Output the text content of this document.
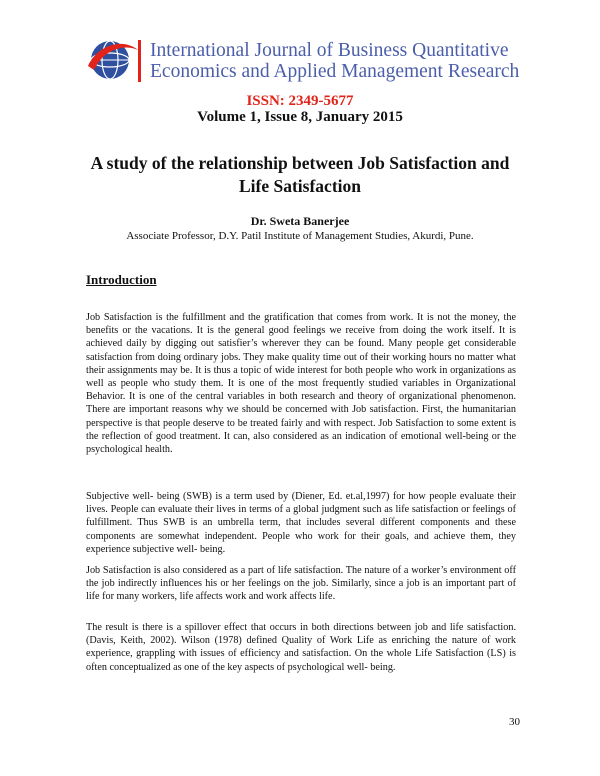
International Journal of Business Quantitative
Economics and Applied Management Research
ISSN: 2349-5677
Volume 1, Issue 8, January 2015
A study of the relationship between Job Satisfaction and
Life Satisfaction
Dr. Sweta Banerjee
Associate Professor, D.Y. Patil Institute of Management Studies, Akurdi, Pune.
Introduction

Job Satisfaction is the fulfillment and the gratification that comes from work. It is not the money, the benefits or the vacations. It is the general good feelings we receive from doing the work itself. It is achieved daily by digging out satisfier’s wherever they can be found. Many people get considerable satisfaction from doing ordinary jobs. They make quality time out of their working hours no matter what their assignments may be. It is thus a topic of wide interest for both people who work in organizations as well as people who study them. It is one of the most frequently studied variables in Organizational Behavior. It is one of the central variables in both research and theory of organizational phenomenon. There are important reasons why we should be concerned with Job satisfaction. First, the humanitarian perspective is that people deserve to be treated fairly and with respect. Job Satisfaction to some extent is the reflection of good treatment. It can, also considered as an indication of emotional well-being or the psychological health.

Subjective well- being (SWB) is a term used by (Diener, Ed. et.al,1997) for how people evaluate their lives. People can evaluate their lives in terms of a global judgment such as life satisfaction or feelings of fulfillment. Thus SWB is an umbrella term, that includes several different components and these components are somewhat independent. People who work for their goals, and achieve them, they experience subjective well- being.

Job Satisfaction is also considered as a part of life satisfaction. The nature of a worker’s environment off the job indirectly influences his or her feelings on the job. Similarly, since a job is an important part of life for many workers, life affects work and work affects life.

The result is there is a spillover effect that occurs in both directions between job and life satisfaction. (Davis, Keith, 2002). Wilson (1978) defined Quality of Work Life as enriching the nature of work experience, grappling with issues of efficiency and satisfaction. On the whole Life Satisfaction (LS) is often conceptualized as one of the key aspects of psychological well- being.

30
